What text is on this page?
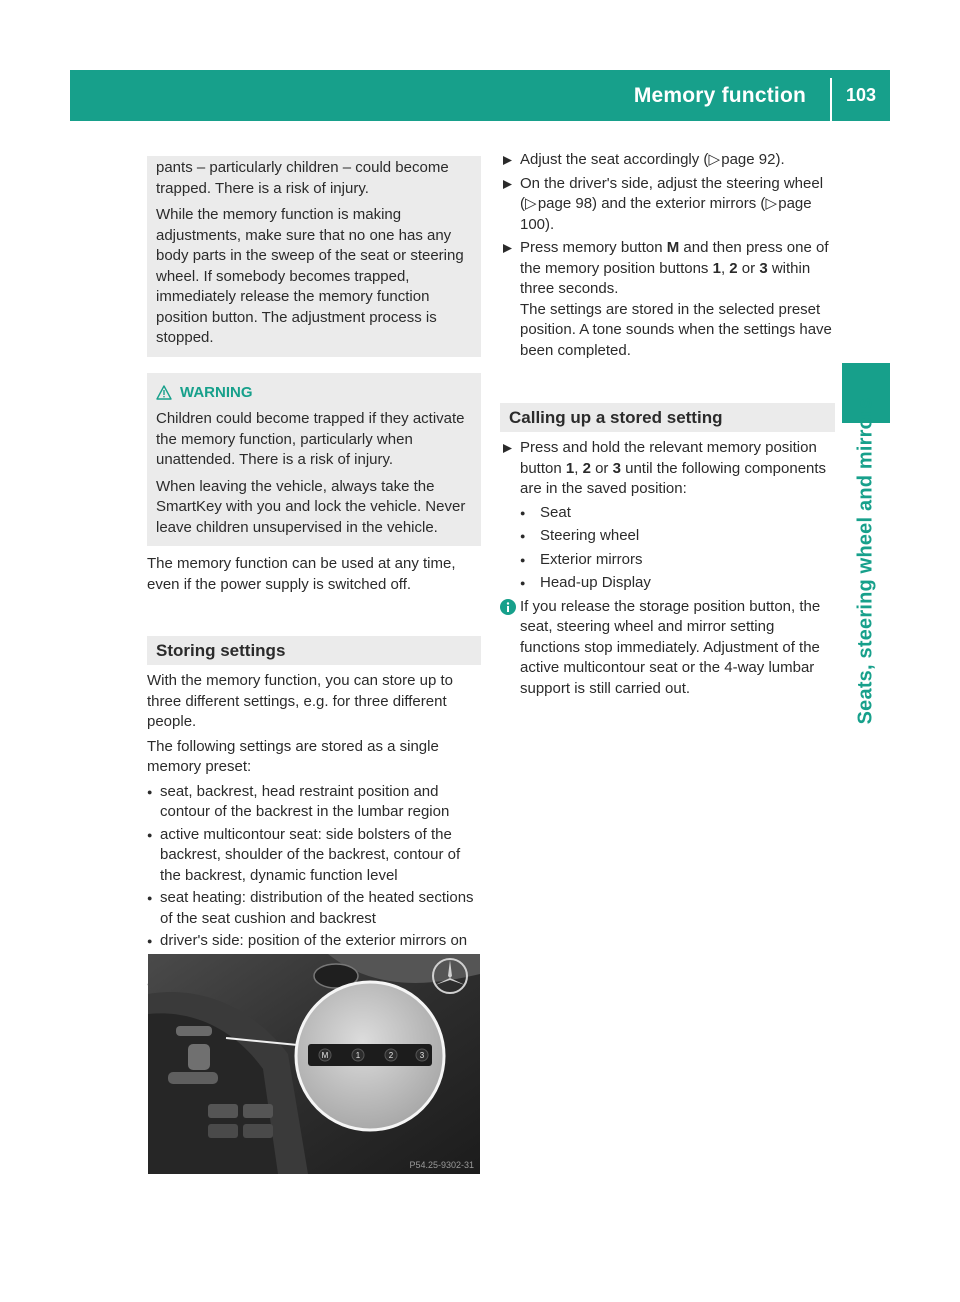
Memory function	103
Seats, steering wheel and mirrors

pants – particularly children – could become trapped. There is a risk of injury.

While the memory function is making adjustments, make sure that no one has any body parts in the sweep of the seat or steering wheel. If somebody becomes trapped, immediately release the memory function position button. The adjustment process is stopped.

WARNING

Children could become trapped if they activate the memory function, particularly when unattended. There is a risk of injury.

When leaving the vehicle, always take the SmartKey with you and lock the vehicle. Never leave children unsupervised in the vehicle.

The memory function can be used at any time, even if the power supply is switched off.

Storing settings

With the memory function, you can store up to three different settings, e.g. for three different people.

The following settings are stored as a single memory preset:

● seat, backrest, head restraint position and contour of the backrest in the lumbar region
● active multicontour seat: side bolsters of the backrest, shoulder of the backrest, contour of the backrest, dynamic function level
● seat heating: distribution of the heated sections of the seat cushion and backrest
● driver's side: position of the exterior mirrors on
●
M	1	2	3
P54.25-9302-31
Adjust the seat accordingly (▷ page 92).
On the driver's side, adjust the steering wheel (▷ page 98) and the exterior mirrors (▷ page 100).
Press memory button M and then press one of the memory position buttons 1, 2 or 3 within three seconds.
The settings are stored in the selected preset position. A tone sounds when the settings have been completed.
Calling up a stored setting
Press and hold the relevant memory position button 1, 2 or 3 until the following components are in the saved position:
● Seat
● Steering wheel
● Exterior mirrors
● Head-up Display
If you release the storage position button, the seat, steering wheel and mirror setting functions stop immediately. Adjustment of the active multicontour seat or the 4-way lumbar support is still carried out.
